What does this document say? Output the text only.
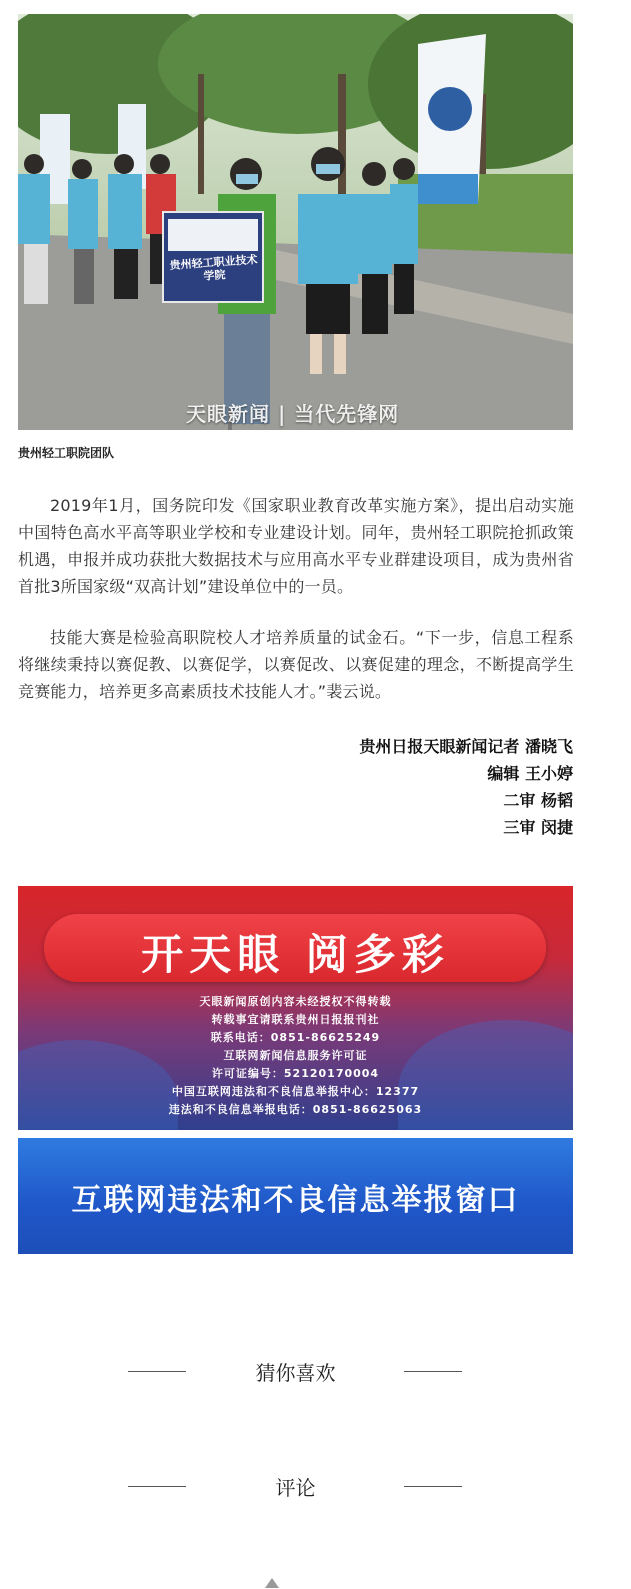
贵州轻工职业技术学院
天眼新闻 | 当代先锋网
贵州轻工职院团队

2019年1月，国务院印发《国家职业教育改革实施方案》，提出启动实施中国特色高水平高等职业学校和专业建设计划。同年，贵州轻工职院抢抓政策机遇，申报并成功获批大数据技术与应用高水平专业群建设项目，成为贵州省首批3所国家级“双高计划”建设单位中的一员。

技能大赛是检验高职院校人才培养质量的试金石。“下一步，信息工程系将继续秉持以赛促教、以赛促学，以赛促改、以赛促建的理念，不断提高学生竞赛能力，培养更多高素质技术技能人才。”裴云说。

贵州日报天眼新闻记者 潘晓飞
编辑 王小婷
二审 杨韬
三审 闵捷
开天眼 阅多彩
天眼新闻原创内容未经授权不得转载
转载事宜请联系贵州日报报刊社
联系电话：0851-86625249
互联网新闻信息服务许可证
许可证编号：52120170004
中国互联网违法和不良信息举报中心：12377
违法和不良信息举报电话：0851-86625063
互联网违法和不良信息举报窗口
猜你喜欢
评论
